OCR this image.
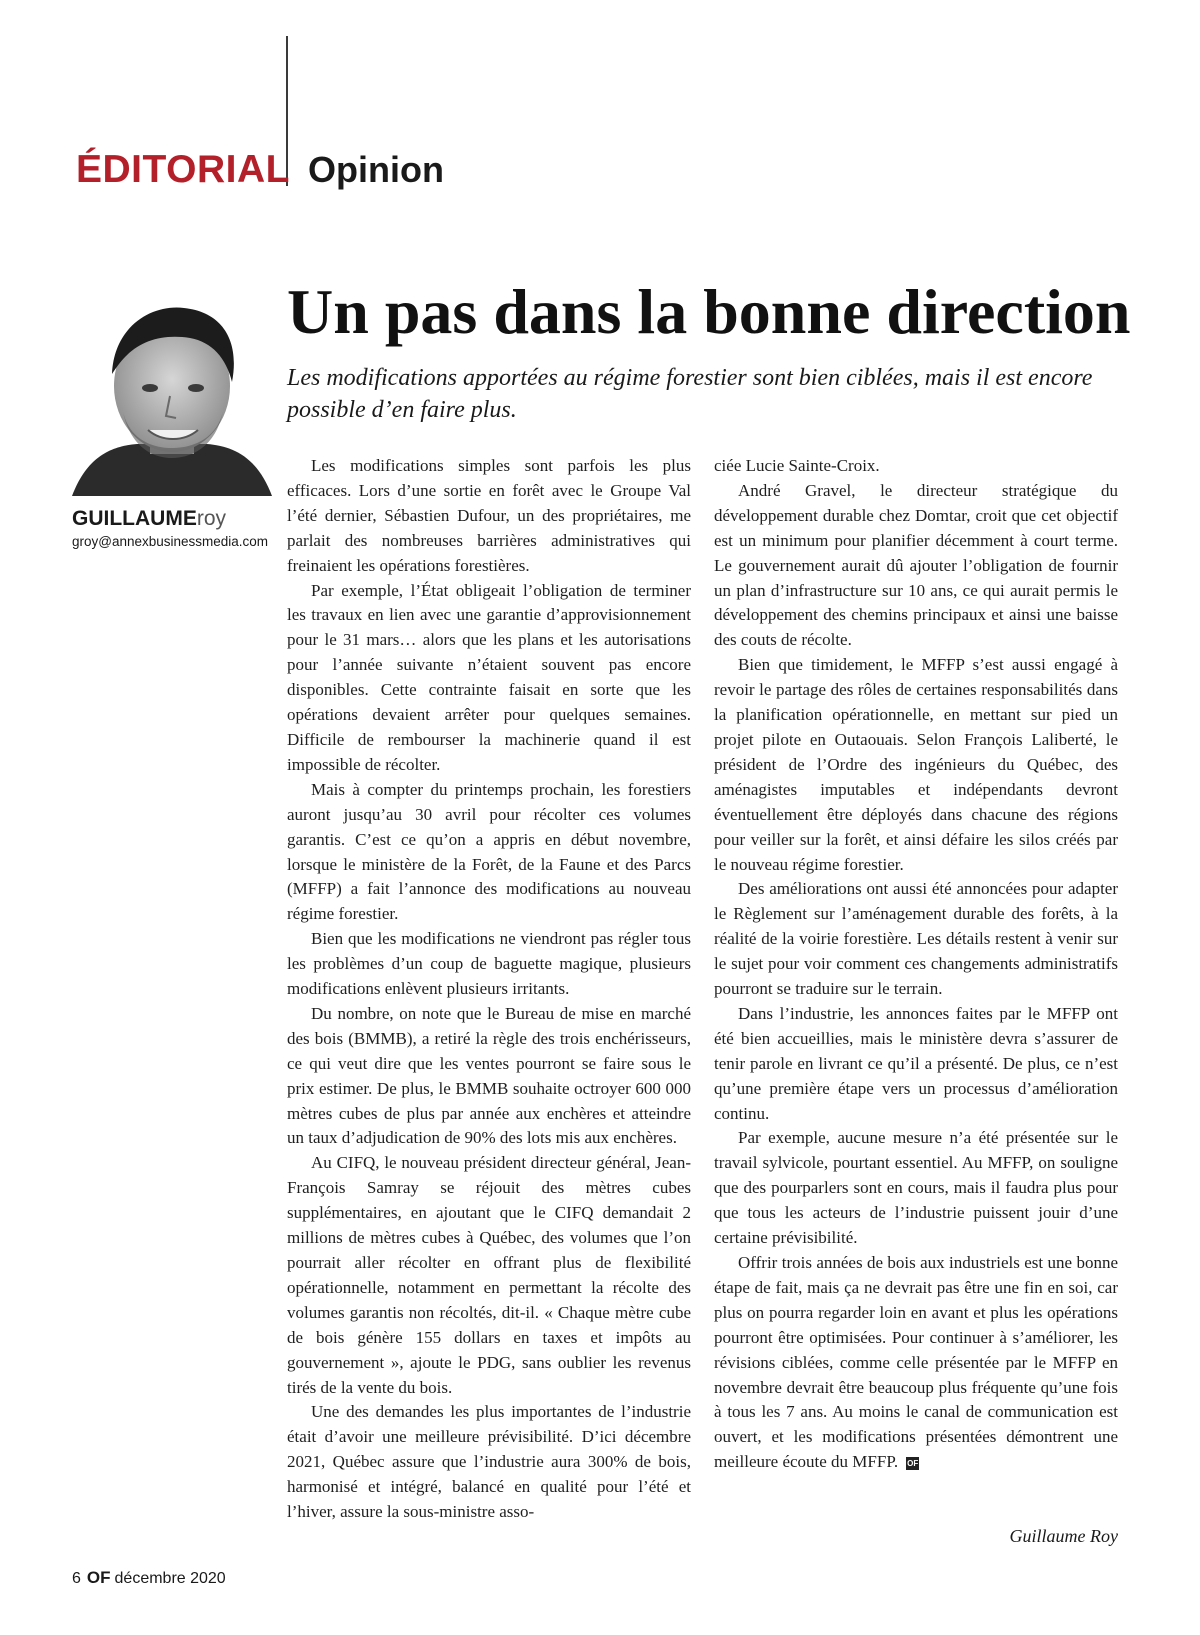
ÉDITORIAL Opinion

GUILLAUMEroy

groy@annexbusinessmedia.com

Un pas dans la bonne direction

Les modifications apportées au régime forestier sont bien ciblées, mais il est encore possible d’en faire plus.

Les modifications simples sont parfois les plus efficaces. Lors d’une sortie en forêt avec le Groupe Val l’été dernier, Sébastien Dufour, un des propriétaires, me parlait des nombreuses barrières administratives qui freinaient les opérations forestières.

Par exemple, l’État obligeait l’obligation de terminer les travaux en lien avec une garantie d’approvisionnement pour le 31 mars… alors que les plans et les autorisations pour l’année suivante n’étaient souvent pas encore disponibles. Cette contrainte faisait en sorte que les opérations devaient arrêter pour quelques semaines. Difficile de rembourser la machinerie quand il est impossible de récolter.

Mais à compter du printemps prochain, les forestiers auront jusqu’au 30 avril pour récolter ces volumes garantis. C’est ce qu’on a appris en début novembre, lorsque le ministère de la Forêt, de la Faune et des Parcs (MFFP) a fait l’annonce des modifications au nouveau régime forestier.

Bien que les modifications ne viendront pas régler tous les problèmes d’un coup de baguette magique, plusieurs modifications enlèvent plusieurs irritants.

Du nombre, on note que le Bureau de mise en marché des bois (BMMB), a retiré la règle des trois enchérisseurs, ce qui veut dire que les ventes pourront se faire sous le prix estimer. De plus, le BMMB souhaite octroyer 600 000 mètres cubes de plus par année aux enchères et atteindre un taux d’adjudication de 90% des lots mis aux enchères.

Au CIFQ, le nouveau président directeur général, Jean-François Samray se réjouit des mètres cubes supplémentaires, en ajoutant que le CIFQ demandait 2 millions de mètres cubes à Québec, des volumes que l’on pourrait aller récolter en offrant plus de flexibilité opérationnelle, notamment en permettant la récolte des volumes garantis non récoltés, dit-il. « Chaque mètre cube de bois génère 155 dollars en taxes et impôts au gouvernement », ajoute le PDG, sans oublier les revenus tirés de la vente du bois.

Une des demandes les plus importantes de l’industrie était d’avoir une meilleure prévisibilité. D’ici décembre 2021, Québec assure que l’industrie aura 300% de bois, harmonisé et intégré, balancé en qualité pour l’été et l’hiver, assure la sous-ministre asso-

ciée Lucie Sainte-Croix.

André Gravel, le directeur stratégique du développement durable chez Domtar, croit que cet objectif est un minimum pour planifier décemment à court terme. Le gouvernement aurait dû ajouter l’obligation de fournir un plan d’infrastructure sur 10 ans, ce qui aurait permis le développement des chemins principaux et ainsi une baisse des couts de récolte.

Bien que timidement, le MFFP s’est aussi engagé à revoir le partage des rôles de certaines responsabilités dans la planification opérationnelle, en mettant sur pied un projet pilote en Outaouais. Selon François Laliberté, le président de l’Ordre des ingénieurs du Québec, des aménagistes imputables et indépendants devront éventuellement être déployés dans chacune des régions pour veiller sur la forêt, et ainsi défaire les silos créés par le nouveau régime forestier.

Des améliorations ont aussi été annoncées pour adapter le Règlement sur l’aménagement durable des forêts, à la réalité de la voirie forestière. Les détails restent à venir sur le sujet pour voir comment ces changements administratifs pourront se traduire sur le terrain.

Dans l’industrie, les annonces faites par le MFFP ont été bien accueillies, mais le ministère devra s’assurer de tenir parole en livrant ce qu’il a présenté. De plus, ce n’est qu’une première étape vers un processus d’amélioration continu.

Par exemple, aucune mesure n’a été présentée sur le travail sylvicole, pourtant essentiel. Au MFFP, on souligne que des pourparlers sont en cours, mais il faudra plus pour que tous les acteurs de l’industrie puissent jouir d’une certaine prévisibilité.

Offrir trois années de bois aux industriels est une bonne étape de fait, mais ça ne devrait pas être une fin en soi, car plus on pourra regarder loin en avant et plus les opérations pourront être optimisées. Pour continuer à s’améliorer, les révisions ciblées, comme celle présentée par le MFFP en novembre devrait être beaucoup plus fréquente qu’une fois à tous les 7 ans. Au moins le canal de communication est ouvert, et les modifications présentées démontrent une meilleure écoute du MFFP. OF

Guillaume Roy

6 OF décembre 2020
